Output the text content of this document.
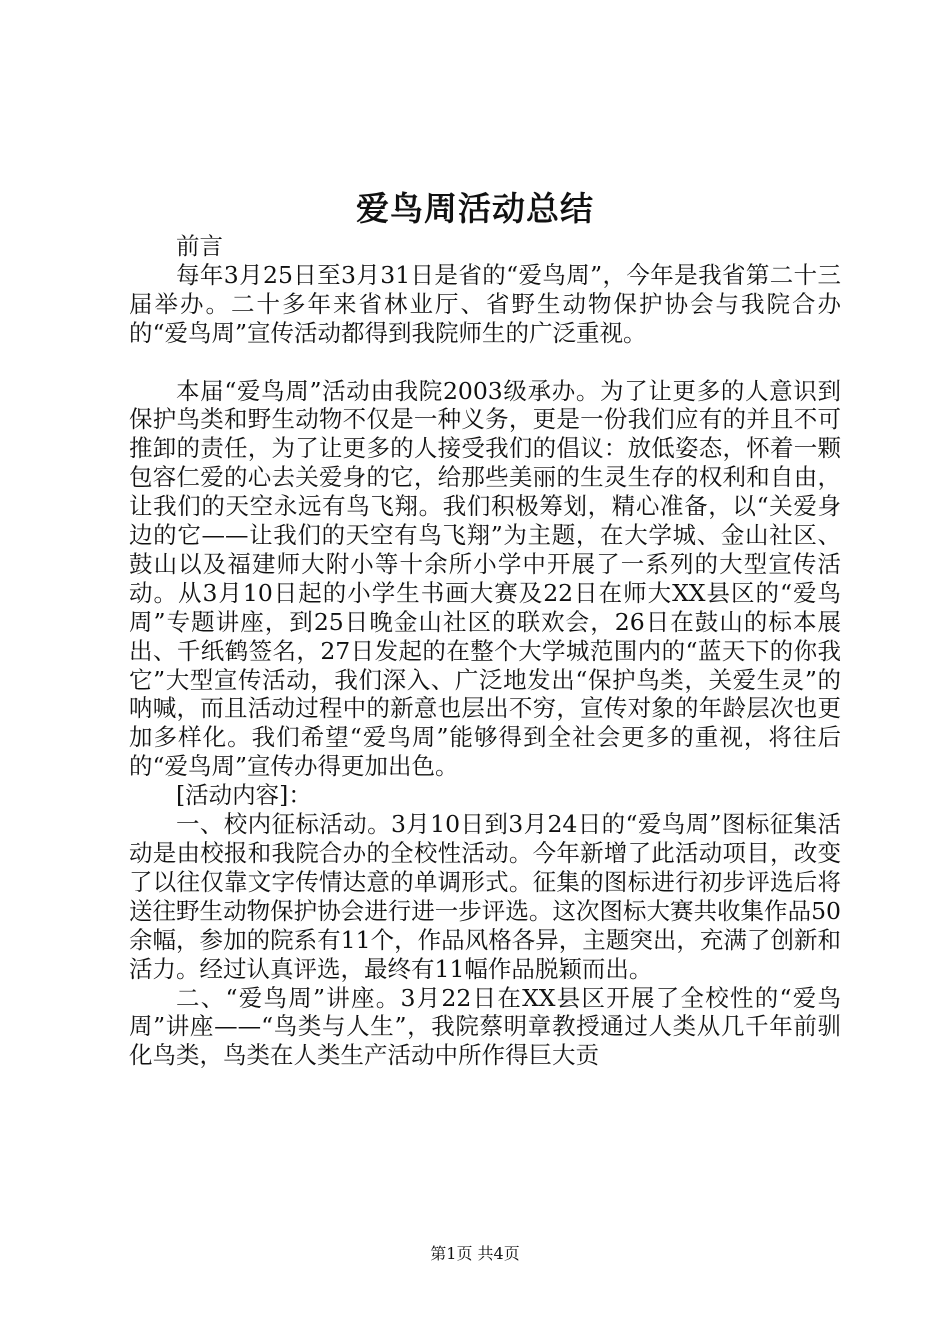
爱鸟周活动总结

前言

每年3月25日至3月31日是省的“爱鸟周”，今年是我省第二十三届举办。二十多年来省林业厅、省野生动物保护协会与我院合办的“爱鸟周”宣传活动都得到我院师生的广泛重视。

本届“爱鸟周”活动由我院2003级承办。为了让更多的人意识到保护鸟类和野生动物不仅是一种义务，更是一份我们应有的并且不可推卸的责任，为了让更多的人接受我们的倡议：放低姿态，怀着一颗包容仁爱的心去关爱身的它，给那些美丽的生灵生存的权利和自由，让我们的天空永远有鸟飞翔。我们积极筹划，精心准备，以“关爱身边的它——让我们的天空有鸟飞翔”为主题，在大学城、金山社区、鼓山以及福建师大附小等十余所小学中开展了一系列的大型宣传活动。从3月10日起的小学生书画大赛及22日在师大XX县区的“爱鸟周”专题讲座，到25日晚金山社区的联欢会，26日在鼓山的标本展出、千纸鹤签名，27日发起的在整个大学城范围内的“蓝天下的你我它”大型宣传活动，我们深入、广泛地发出“保护鸟类，关爱生灵”的呐喊，而且活动过程中的新意也层出不穷，宣传对象的年龄层次也更加多样化。我们希望“爱鸟周”能够得到全社会更多的重视，将往后的“爱鸟周”宣传办得更加出色。

[活动内容]：

一、校内征标活动。3月10日到3月24日的“爱鸟周”图标征集活动是由校报和我院合办的全校性活动。今年新增了此活动项目，改变了以往仅靠文字传情达意的单调形式。征集的图标进行初步评选后将送往野生动物保护协会进行进一步评选。这次图标大赛共收集作品50余幅，参加的院系有11个，作品风格各异，主题突出，充满了创新和活力。经过认真评选，最终有11幅作品脱颖而出。

二、“爱鸟周”讲座。3月22日在XX县区开展了全校性的“爱鸟周”讲座——“鸟类与人生”，我院蔡明章教授通过人类从几千年前驯化鸟类，鸟类在人类生产活动中所作得巨大贡

第1页 共4页
